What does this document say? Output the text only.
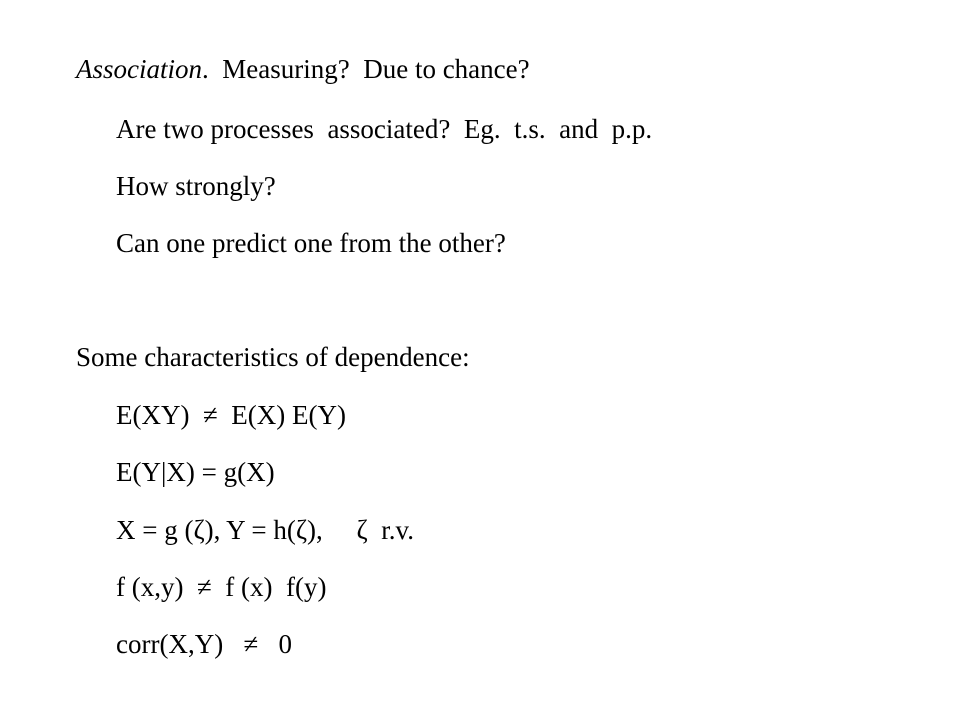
Association.  Measuring?  Due to chance?
Are two processes  associated?  Eg.  t.s.  and  p.p.
How strongly?
Can one predict one from the other?
Some characteristics of dependence:
E(XY)  ≠  E(X) E(Y)
E(Y|X) = g(X)
X = g (ζ), Y = h(ζ),     ζ  r.v.
f (x,y)  ≠  f (x)  f(y)
corr(X,Y)   ≠   0
